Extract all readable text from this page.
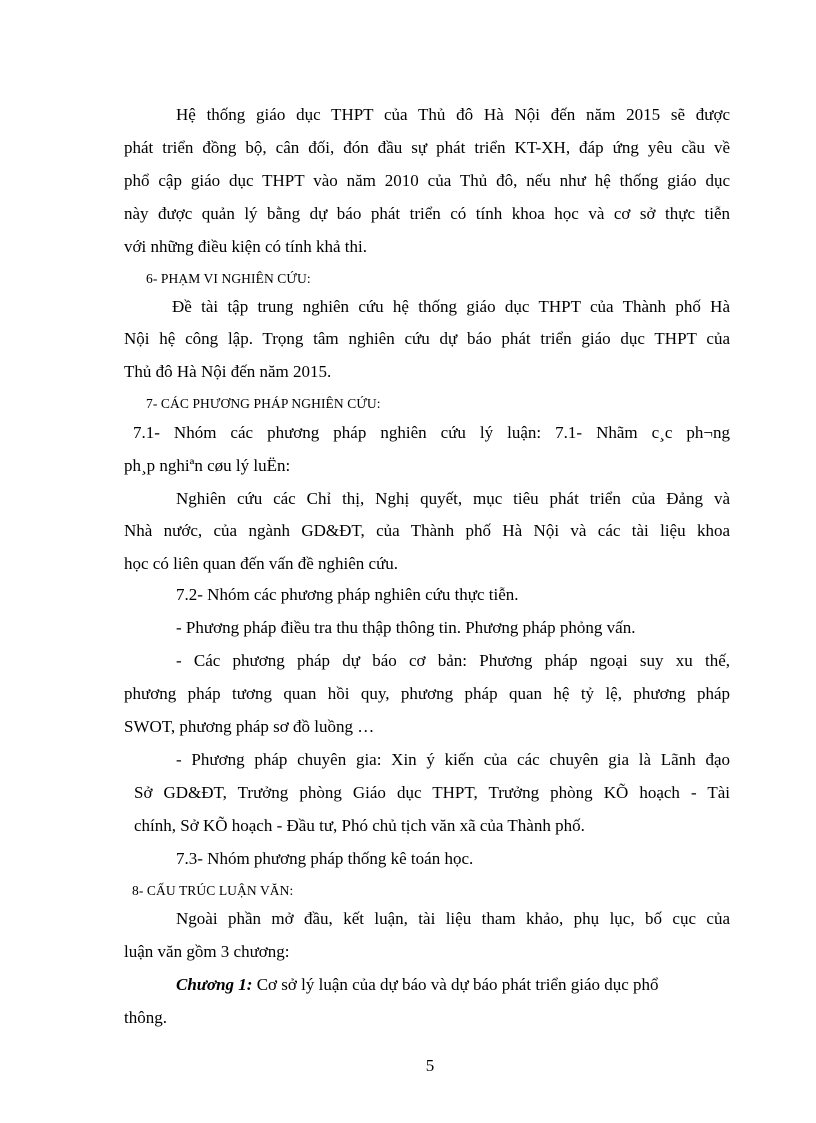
Hệ thống giáo dục THPT của Thủ đô Hà Nội đến năm 2015 sẽ được
phát triển đồng bộ, cân đối, đón đầu sự phát triển KT-XH, đáp ứng yêu cầu về
phổ cập giáo dục THPT vào năm 2010 của Thủ đô, nếu như hệ thống giáo dục
này được quản lý bằng dự báo phát triển có tính khoa học và cơ sở thực tiễn
với những điều kiện có tính khả thi.
6- PHẠM VI NGHIÊN CỨU:
Đề tài tập trung nghiên cứu hệ thống giáo dục THPT của Thành phố Hà
Nội hệ công lập. Trọng tâm nghiên cứu dự báo phát triển giáo dục THPT của
Thủ đô Hà Nội đến năm 2015.
7- CÁC PHƯƠNG PHÁP NGHIÊN CỨU:
7.1- Nhóm các phương pháp nghiên cứu lý luận: 7.1- Nhãm c¸c ph¬ng
ph¸p nghiªn cøu lý luËn:
Nghiên cứu các Chỉ thị, Nghị quyết, mục tiêu phát triển của Đảng và
Nhà nước, của ngành GD&ĐT, của Thành phố Hà Nội và các tài liệu khoa
học có liên quan đến vấn đề nghiên cứu.
7.2- Nhóm các phương pháp nghiên cứu thực tiễn.
- Phương pháp điều tra thu thập thông tin. Phương pháp phỏng vấn.
- Các phương pháp dự báo cơ bản: Phương pháp ngoại suy xu thế,
phương pháp tương quan hồi quy, phương pháp quan hệ tỷ lệ, phương pháp
SWOT, phương pháp sơ đồ luồng …
- Phương pháp chuyên gia: Xin ý kiến của các chuyên gia là Lãnh đạo
Sở GD&ĐT, Trưởng phòng Giáo dục THPT, Trưởng phòng KÕ hoạch - Tài
chính, Sở KÕ hoạch - Đầu tư, Phó chủ tịch văn xã của Thành phố.
7.3- Nhóm phương pháp thống kê toán học.
8- CẤU TRÚC LUẬN VĂN:
Ngoài phần mở đầu, kết luận, tài liệu tham khảo, phụ lục, bố cục của
luận văn gồm 3 chương:
Chương 1: Cơ sở lý luận của dự báo và dự báo phát triển giáo dục phổ
thông.
5
